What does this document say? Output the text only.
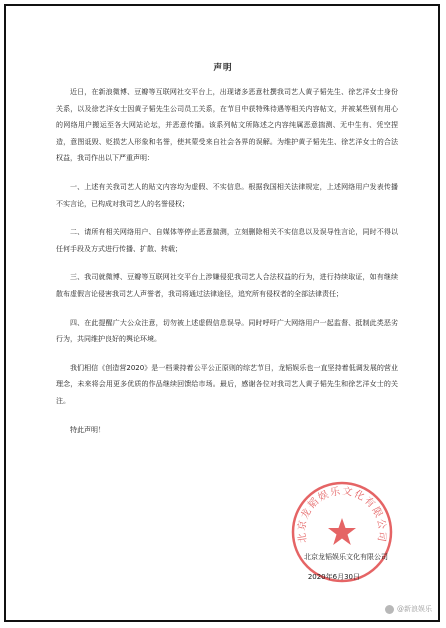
声明

近日，在新浪微博、豆瓣等互联网社交平台上，出现诸多恶意杜撰我司艺人黄子韬先生、徐艺洋女士身份关系，以及徐艺洋女士因黄子韬先生公司员工关系，在节目中获特殊待遇等相关内容帖文，并被某些别有用心的网络用户搬运至各大网站论坛，并恶意传播。该系列帖文所陈述之内容纯属恶意揣测、无中生有、凭空捏造，意图诋毁、贬损艺人形象和名誉，使其蒙受来自社会各界的误解。为维护黄子韬先生、徐艺洋女士的合法权益，我司作出以下严重声明：

一、上述有关我司艺人的贴文内容均为虚假、不实信息。根据我国相关法律规定，上述网络用户发表传播不实言论，已构成对我司艺人的名誉侵权；

二、请所有相关网络用户、自媒体等停止恶意揣测，立刻删除相关不实信息以及误导性言论，同时不得以任何手段及方式进行传播、扩散、转载；

三、我司就微博、豆瓣等互联网社交平台上涉嫌侵犯我司艺人合法权益的行为，进行持续取证，如有继续散布虚假言论侵害我司艺人声誉者，我司将通过法律途径，追究所有侵权者的全部法律责任；

四、在此提醒广大公众注意，切勿被上述虚假信息误导。同时呼吁广大网络用户一起监督、抵制此类恶劣行为，共同维护良好的舆论环境。

我们相信《创造营2020》是一档秉持着公平公正原则的综艺节目，龙韬娱乐也一直坚持着低调发展的营业理念，未来将会用更多优质的作品继续回馈给市场。最后，感谢各位对我司艺人黄子韬先生和徐艺洋女士的关注。

特此声明！

北京龙韬娱乐文化有限公司
北京龙韬娱乐文化有限公司
2020年6月30日
@新浪娱乐
